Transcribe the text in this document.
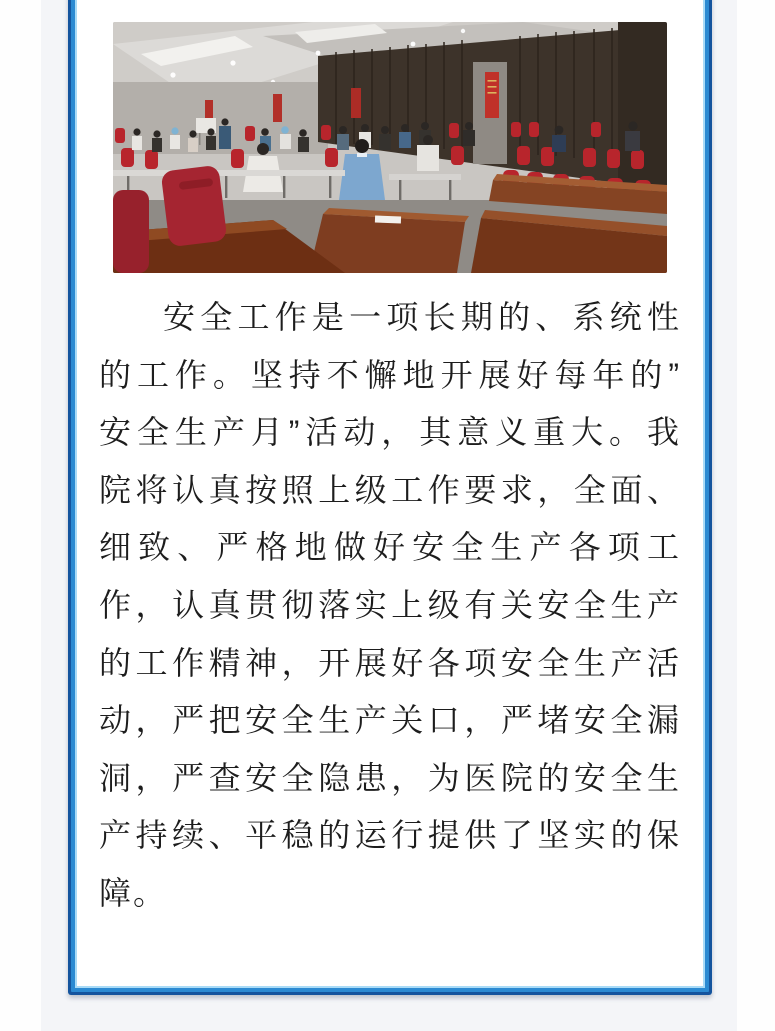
安全工作是一项长期的、系统性
的工作。坚持不懈地开展好每年的”
安全生产月”活动，其意义重大。我
院将认真按照上级工作要求，全面、
细致、严格地做好安全生产各项工
作，认真贯彻落实上级有关安全生产
的工作精神，开展好各项安全生产活
动，严把安全生产关口，严堵安全漏
洞，严查安全隐患，为医院的安全生
产持续、平稳的运行提供了坚实的保
障。
